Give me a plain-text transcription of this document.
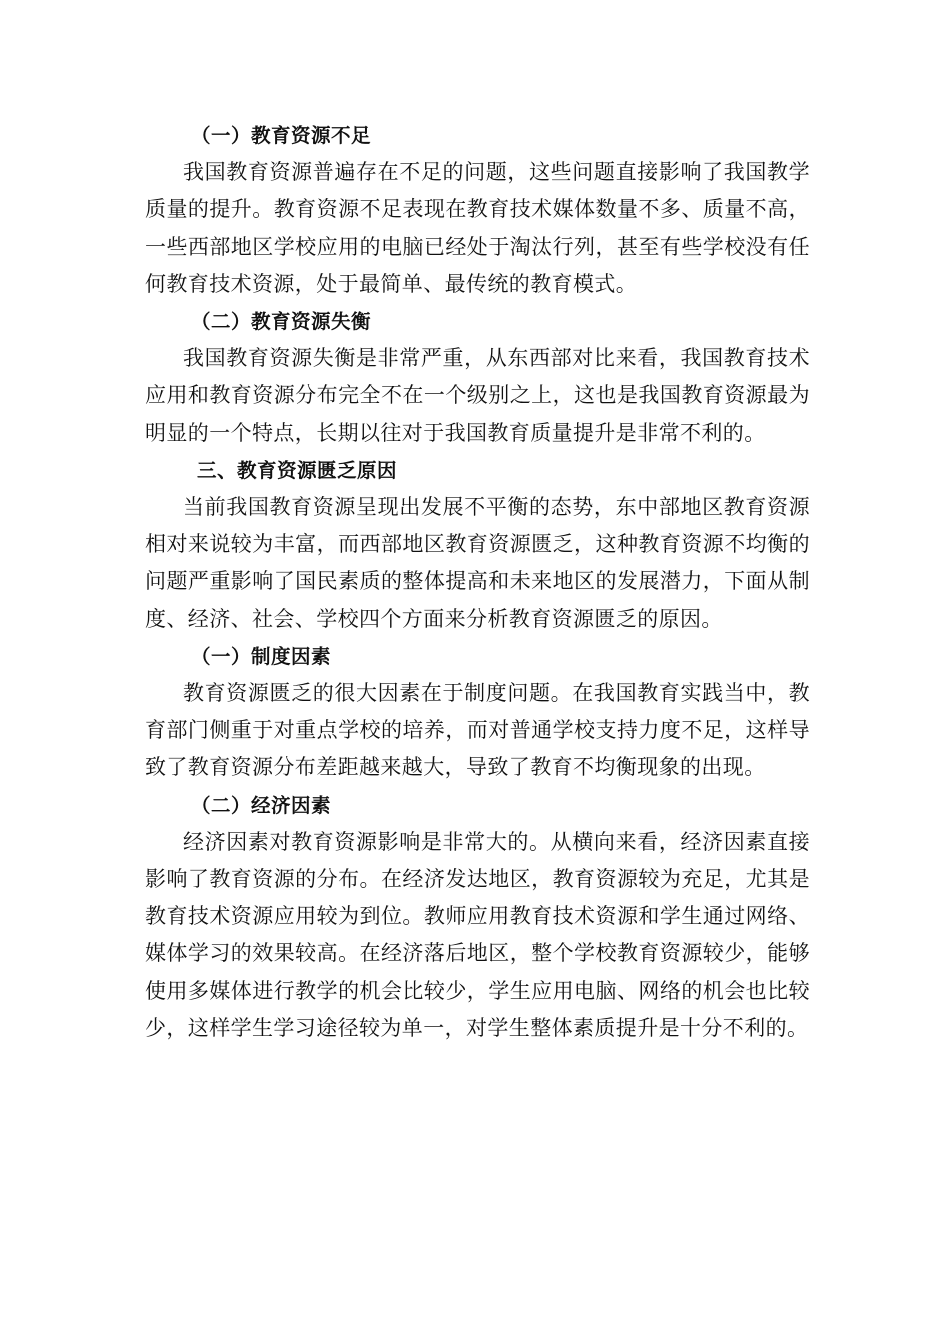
（一）教育资源不足

我国教育资源普遍存在不足的问题，这些问题直接影响了我国教学质量的提升。教育资源不足表现在教育技术媒体数量不多、质量不高，一些西部地区学校应用的电脑已经处于淘汰行列，甚至有些学校没有任何教育技术资源，处于最简单、最传统的教育模式。

（二）教育资源失衡

我国教育资源失衡是非常严重，从东西部对比来看，我国教育技术应用和教育资源分布完全不在一个级别之上，这也是我国教育资源最为明显的一个特点，长期以往对于我国教育质量提升是非常不利的。

三、教育资源匮乏原因

当前我国教育资源呈现出发展不平衡的态势，东中部地区教育资源相对来说较为丰富，而西部地区教育资源匮乏，这种教育资源不均衡的问题严重影响了国民素质的整体提高和未来地区的发展潜力，下面从制度、经济、社会、学校四个方面来分析教育资源匮乏的原因。

（一）制度因素

教育资源匮乏的很大因素在于制度问题。在我国教育实践当中，教育部门侧重于对重点学校的培养，而对普通学校支持力度不足，这样导致了教育资源分布差距越来越大，导致了教育不均衡现象的出现。

（二）经济因素

经济因素对教育资源影响是非常大的。从横向来看，经济因素直接影响了教育资源的分布。在经济发达地区，教育资源较为充足，尤其是教育技术资源应用较为到位。教师应用教育技术资源和学生通过网络、媒体学习的效果较高。在经济落后地区，整个学校教育资源较少，能够使用多媒体进行教学的机会比较少，学生应用电脑、网络的机会也比较少，这样学生学习途径较为单一，对学生整体素质提升是十分不利的。
